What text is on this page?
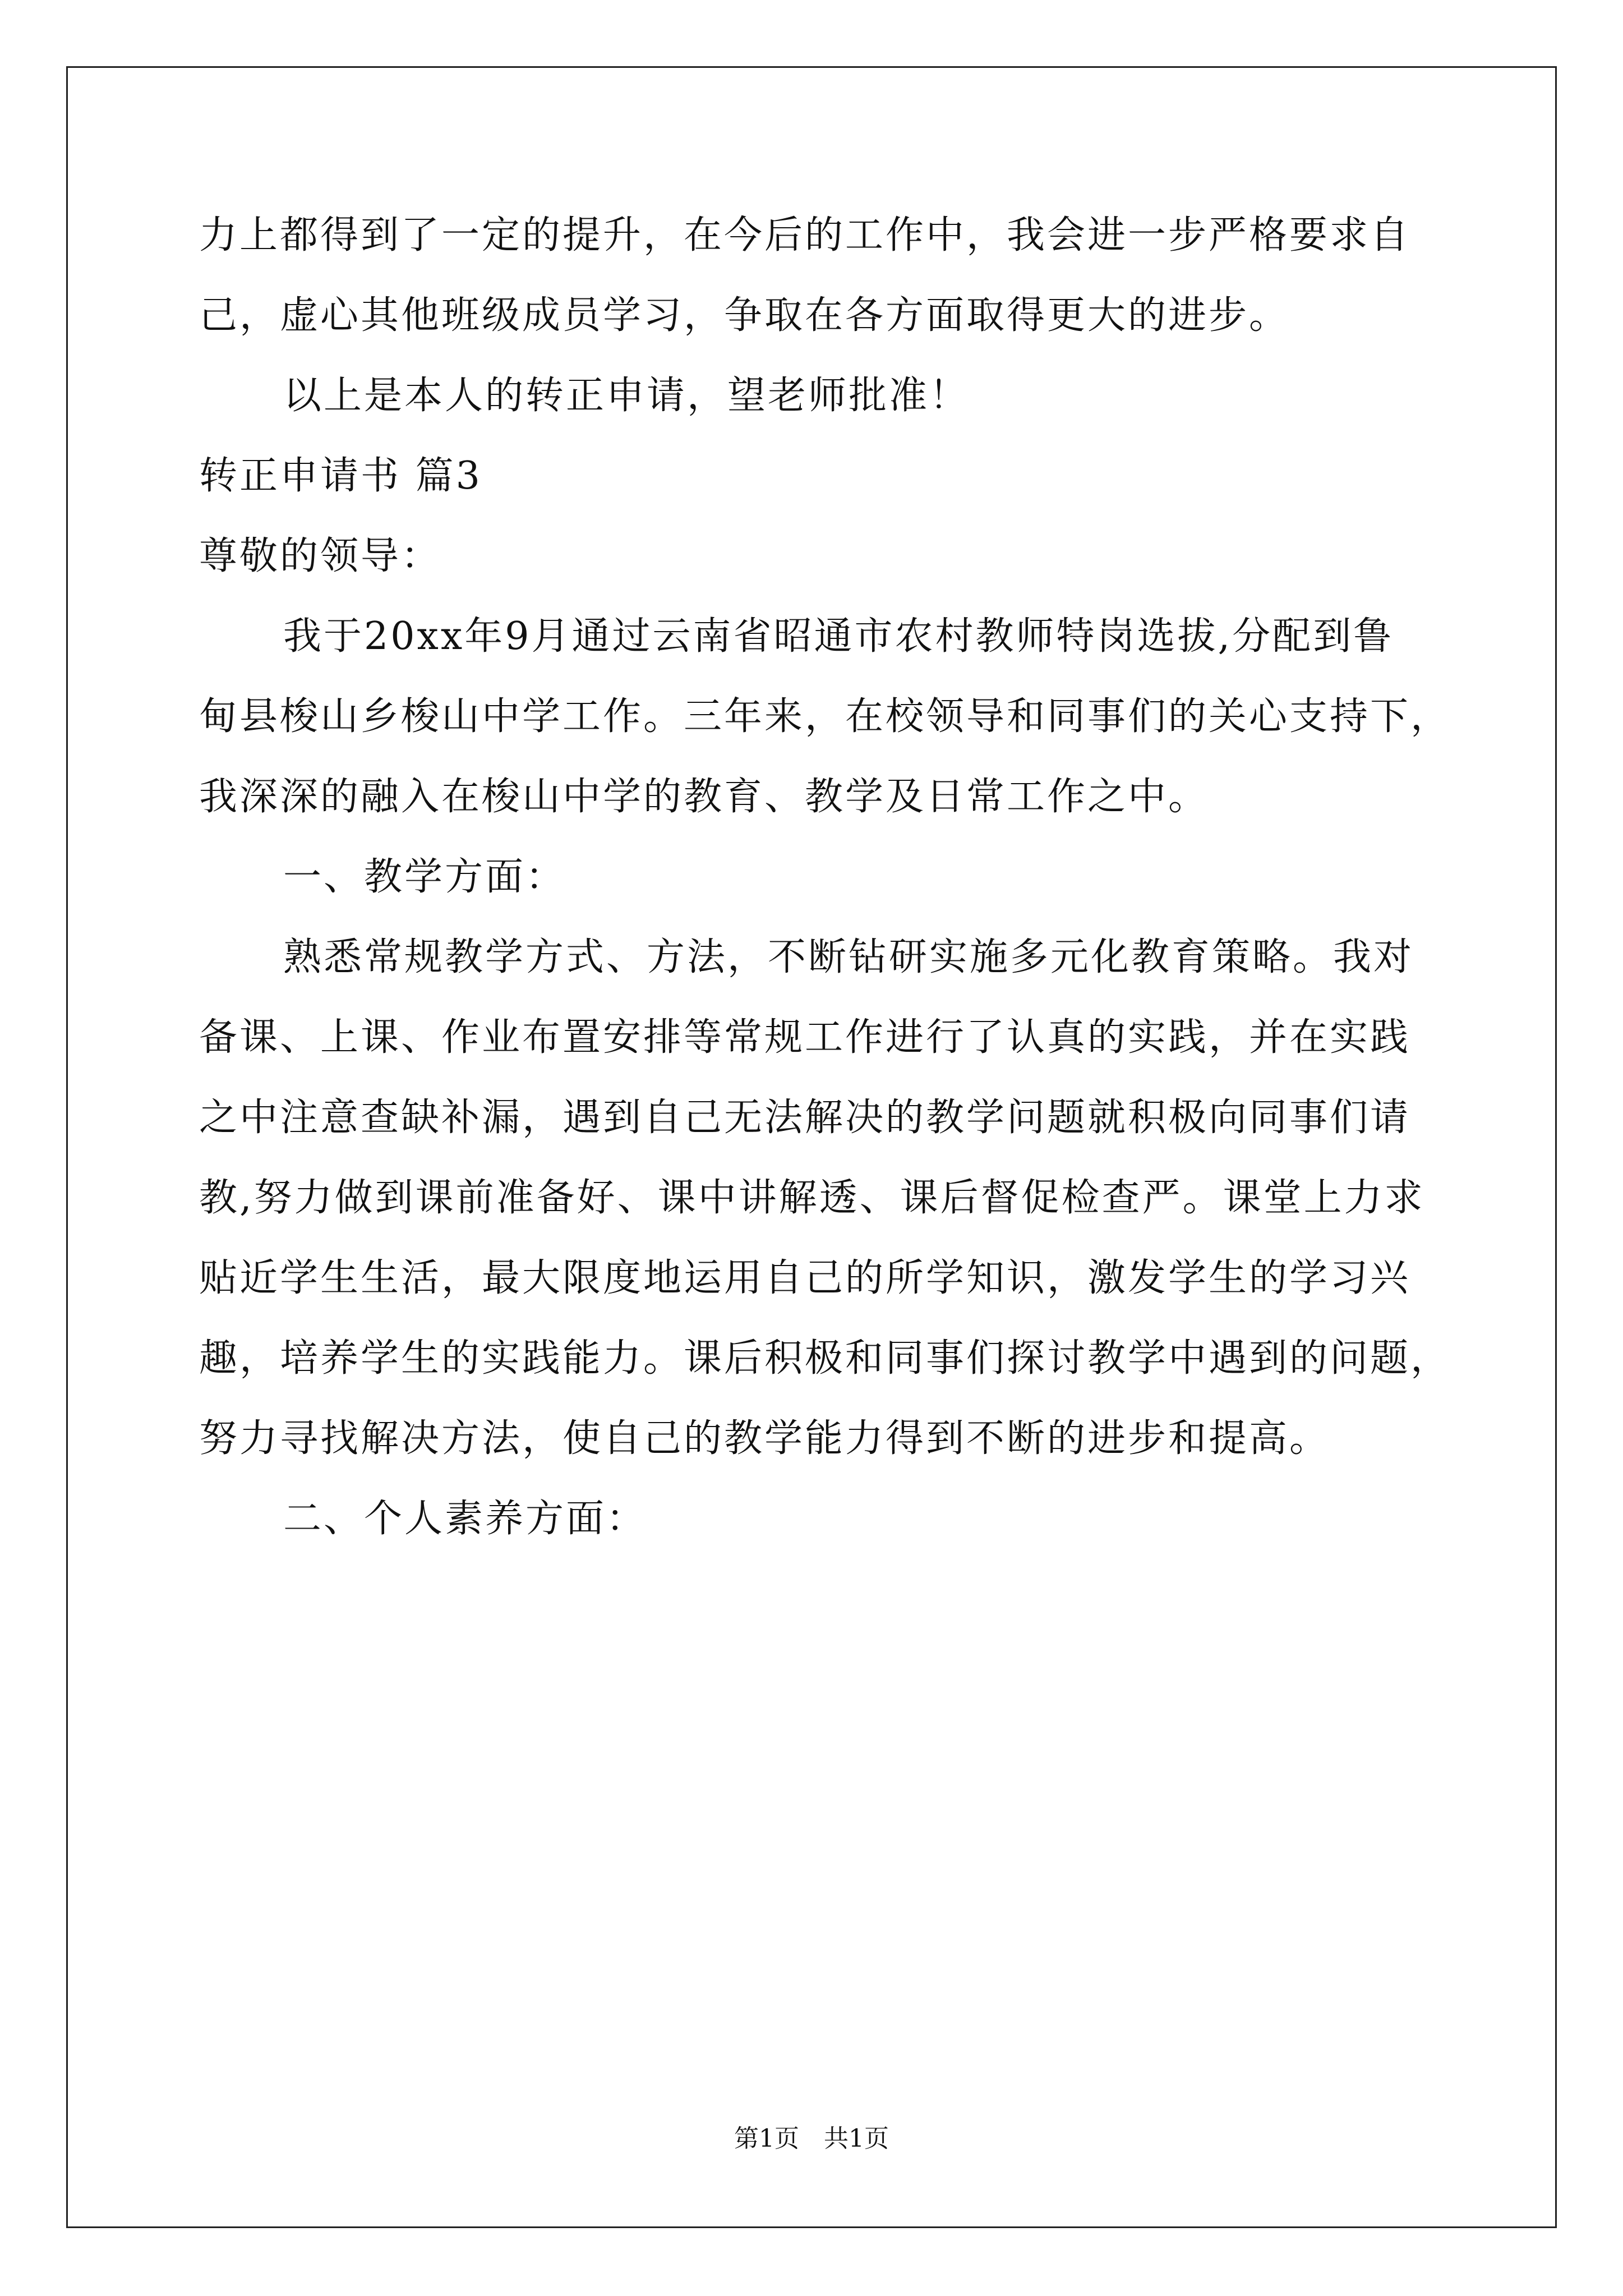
力上都得到了一定的提升，在今后的工作中，我会进一步严格要求自
己，虚心其他班级成员学习，争取在各方面取得更大的进步。
以上是本人的转正申请，望老师批准！
转正申请书 篇3
尊敬的领导：
我于20xx年9月通过云南省昭通市农村教师特岗选拔,分配到鲁
甸县梭山乡梭山中学工作。三年来，在校领导和同事们的关心支持下，
我深深的融入在梭山中学的教育、教学及日常工作之中。
一、教学方面：
熟悉常规教学方式、方法，不断钻研实施多元化教育策略。我对
备课、上课、作业布置安排等常规工作进行了认真的实践，并在实践
之中注意查缺补漏，遇到自己无法解决的教学问题就积极向同事们请
教,努力做到课前准备好、课中讲解透、课后督促检查严。课堂上力求
贴近学生生活，最大限度地运用自己的所学知识，激发学生的学习兴
趣，培养学生的实践能力。课后积极和同事们探讨教学中遇到的问题，
努力寻找解决方法，使自己的教学能力得到不断的进步和提高。
二、个人素养方面：
第1页　共1页
